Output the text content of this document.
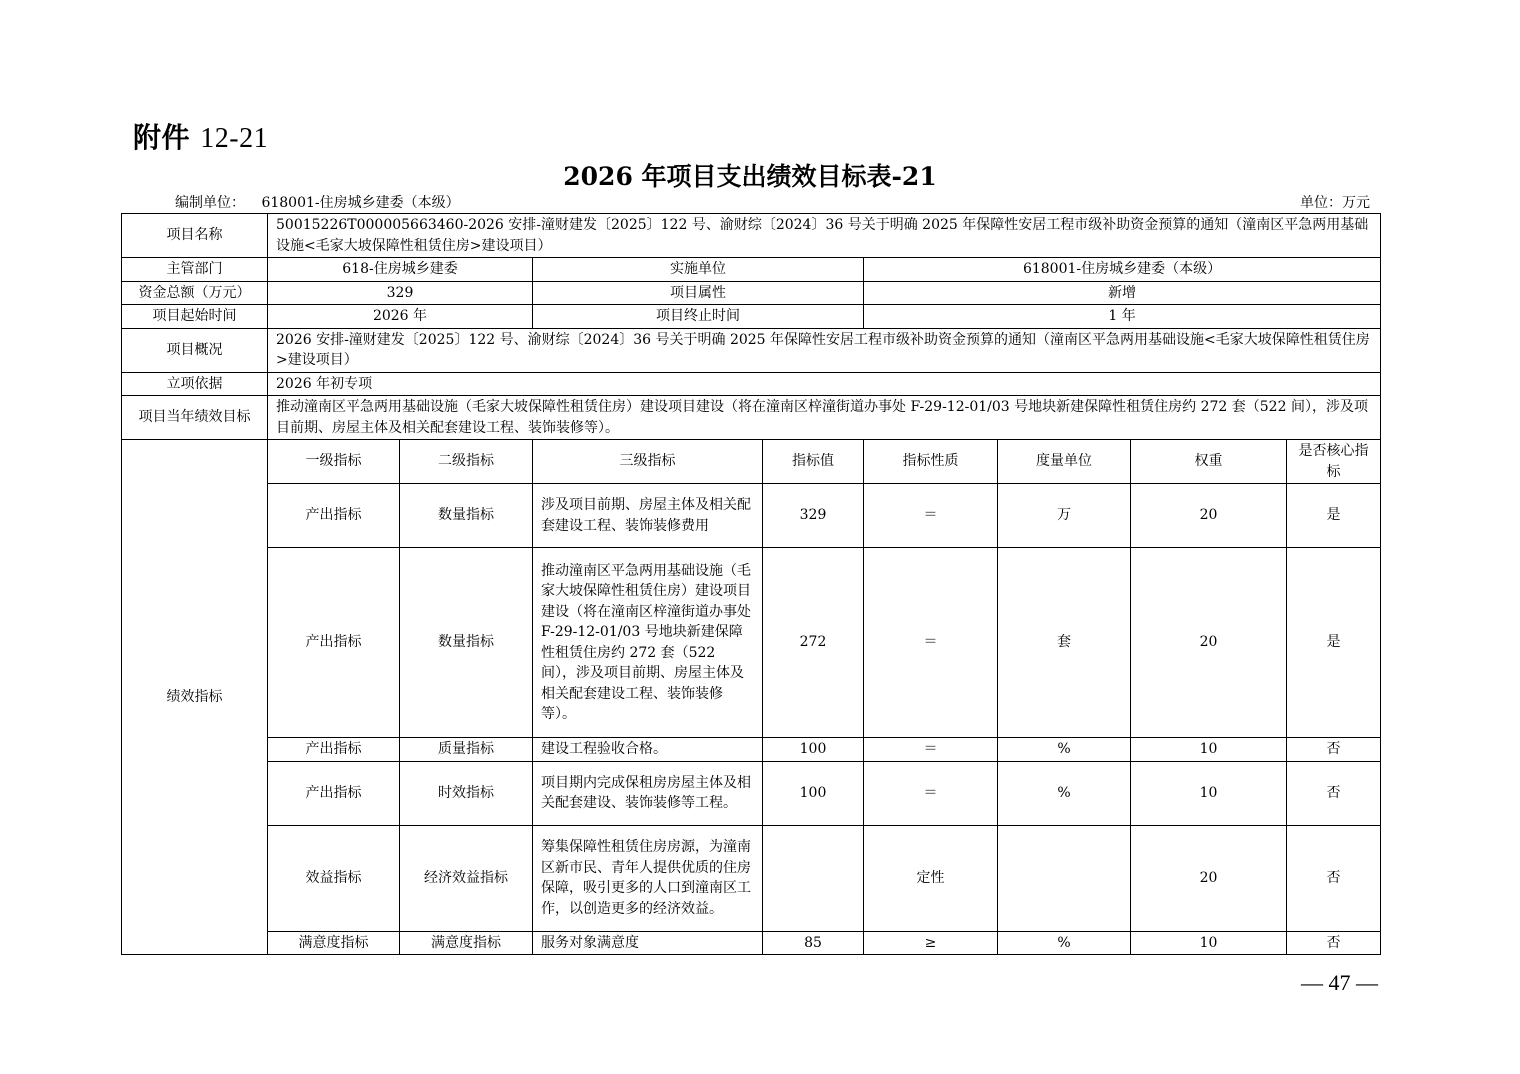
附件 12-21
2026 年项目支出绩效目标表-21
编制单位： 618001-住房城乡建委（本级）	单位：万元
项目名称	50015226T000005663460-2026 安排-潼财建发〔2025〕122 号、渝财综〔2024〕36 号关于明确 2025 年保障性安居工程市级补助资金预算的通知（潼南区平急两用基础设施<毛家大坡保障性租赁住房>建设项目）							
主管部门	618-住房城乡建委		实施单位		618001-住房城乡建委（本级）			
资金总额（万元）	329		项目属性		新增			
项目起始时间	2026 年		项目终止时间		1 年			
项目概况	2026 安排-潼财建发〔2025〕122 号、渝财综〔2024〕36 号关于明确 2025 年保障性安居工程市级补助资金预算的通知（潼南区平急两用基础设施<毛家大坡保障性租赁住房>建设项目）							
立项依据	2026 年初专项							
项目当年绩效目标	推动潼南区平急两用基础设施（毛家大坡保障性租赁住房）建设项目建设（将在潼南区梓潼街道办事处 F-29-12-01/03 号地块新建保障性租赁住房约 272 套（522 间），涉及项目前期、房屋主体及相关配套建设工程、装饰装修等）。							
绩效指标	一级指标	二级指标	三级指标	指标值	指标性质	度量单位	权重	是否核心指标
	产出指标	数量指标	涉及项目前期、房屋主体及相关配套建设工程、装饰装修费用	329	＝	万	20	是
	产出指标	数量指标	推动潼南区平急两用基础设施（毛家大坡保障性租赁住房）建设项目建设（将在潼南区梓潼街道办事处 F-29-12-01/03 号地块新建保障性租赁住房约 272 套（522 间），涉及项目前期、房屋主体及相关配套建设工程、装饰装修等）。	272	＝	套	20	是
	产出指标	质量指标	建设工程验收合格。	100	＝	%	10	否
	产出指标	时效指标	项目期内完成保租房房屋主体及相关配套建设、装饰装修等工程。	100	＝	%	10	否
	效益指标	经济效益指标	筹集保障性租赁住房房源，为潼南区新市民、青年人提供优质的住房保障，吸引更多的人口到潼南区工作，以创造更多的经济效益。		定性		20	否
	满意度指标	满意度指标	服务对象满意度	85	≥	%	10	否
— 47 —
